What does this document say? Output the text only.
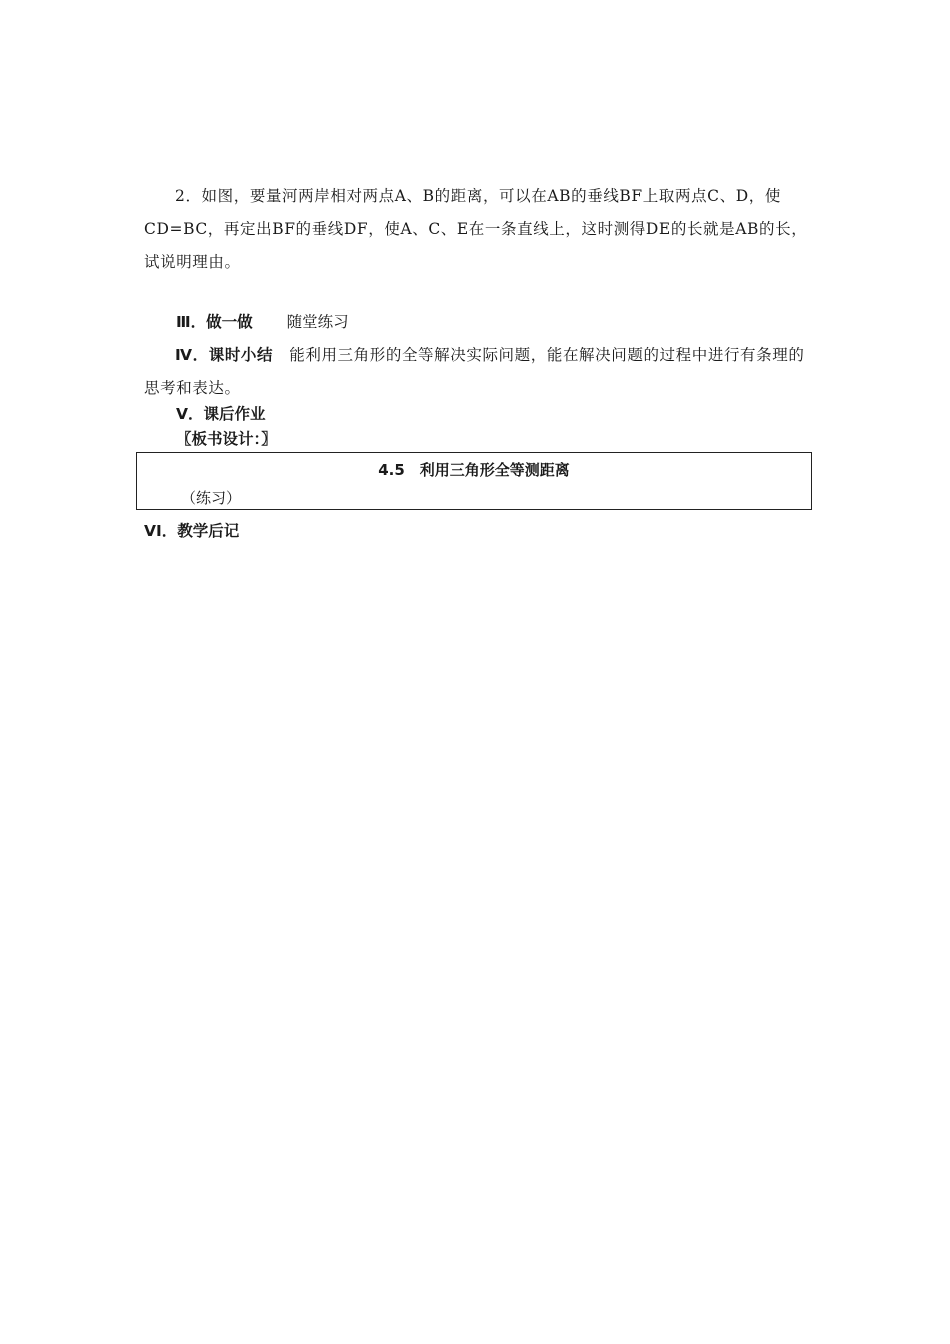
2．如图，要量河两岸相对两点A、B的距离，可以在AB的垂线BF上取两点C、D，使CD=BC，再定出BF的垂线DF，使A、C、E在一条直线上，这时测得DE的长就是AB的长，试说明理由。

Ⅲ．做一做 随堂练习

Ⅳ．课时小结　 能利用三角形的全等解决实际问题，能在解决问题的过程中进行有条理的思考和表达。

Ⅴ．课后作业
〖板书设计：〗
4.5　利用三角形全等测距离
（练习）
VI．教学后记
